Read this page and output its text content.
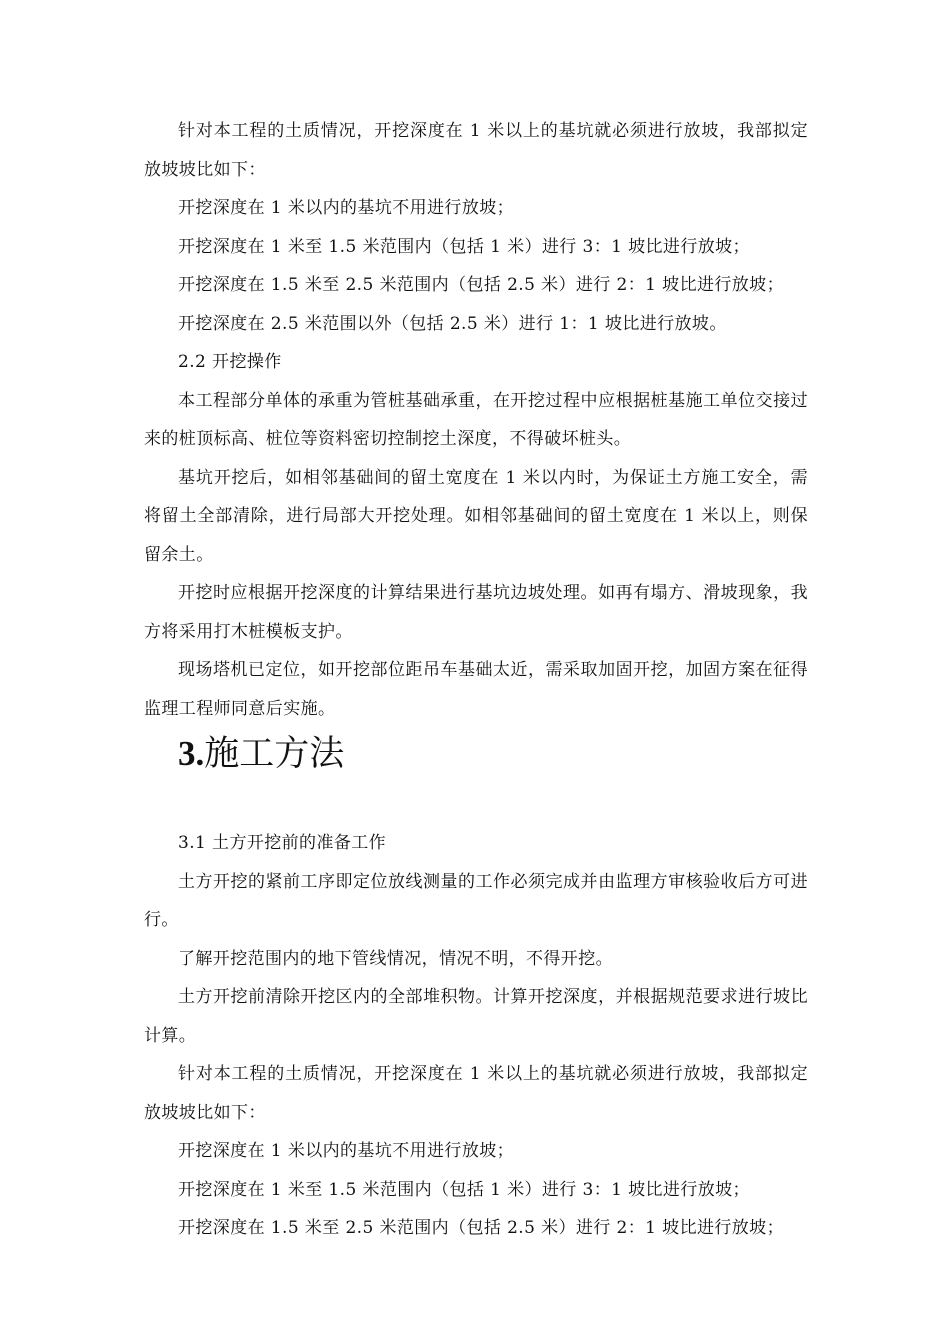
针对本工程的土质情况，开挖深度在 1 米以上的基坑就必须进行放坡，我部拟定放坡坡比如下：

开挖深度在 1 米以内的基坑不用进行放坡；

开挖深度在 1 米至 1.5 米范围内（包括 1 米）进行 3：1 坡比进行放坡；

开挖深度在 1.5 米至 2.5 米范围内（包括 2.5 米）进行 2：1 坡比进行放坡；

开挖深度在 2.5 米范围以外（包括 2.5 米）进行 1：1 坡比进行放坡。

2.2 开挖操作

本工程部分单体的承重为管桩基础承重，在开挖过程中应根据桩基施工单位交接过来的桩顶标高、桩位等资料密切控制挖土深度，不得破坏桩头。

基坑开挖后，如相邻基础间的留土宽度在 1 米以内时，为保证土方施工安全，需将留土全部清除，进行局部大开挖处理。如相邻基础间的留土宽度在 1 米以上，则保留余土。

开挖时应根据开挖深度的计算结果进行基坑边坡处理。如再有塌方、滑坡现象，我方将采用打木桩模板支护。

现场塔机已定位，如开挖部位距吊车基础太近，需采取加固开挖，加固方案在征得监理工程师同意后实施。

3.施工方法

3.1 土方开挖前的准备工作

土方开挖的紧前工序即定位放线测量的工作必须完成并由监理方审核验收后方可进行。

了解开挖范围内的地下管线情况，情况不明，不得开挖。

土方开挖前清除开挖区内的全部堆积物。计算开挖深度，并根据规范要求进行坡比计算。

针对本工程的土质情况，开挖深度在 1 米以上的基坑就必须进行放坡，我部拟定放坡坡比如下：

开挖深度在 1 米以内的基坑不用进行放坡；

开挖深度在 1 米至 1.5 米范围内（包括 1 米）进行 3：1 坡比进行放坡；

开挖深度在 1.5 米至 2.5 米范围内（包括 2.5 米）进行 2：1 坡比进行放坡；
